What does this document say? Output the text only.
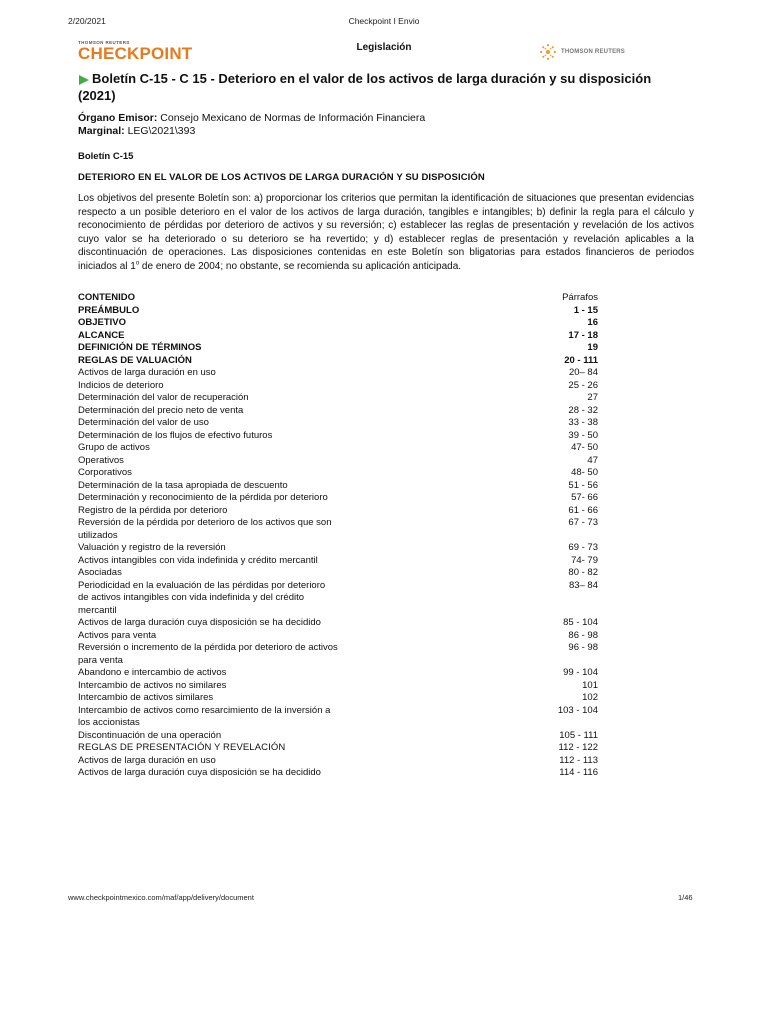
2/20/2021	Checkpoint I Envio
THOMSON REUTERS
CHECKPOINT	Legislación	THOMSON REUTERS
Boletín C-15 - C 15 - Deterioro en el valor de los activos de larga duración y su disposición
(2021)
Órgano Emisor: Consejo Mexicano de Normas de Información Financiera
Marginal: LEG\2021\393
Boletín C-15
DETERIORO EN EL VALOR DE LOS ACTIVOS DE LARGA DURACIÓN Y SU DISPOSICIÓN

Los objetivos del presente Boletín son: a) proporcionar los criterios que permitan la identificación de situaciones que presentan evidencias respecto a un posible deterioro en el valor de los activos de larga duración, tangibles e intangibles; b) definir la regla para el cálculo y reconocimiento de pérdidas por deterioro de activos y su reversión; c) establecer las reglas de presentación y revelación de los activos cuyo valor se ha deteriorado o su deterioro se ha revertido; y d) establecer reglas de presentación y revelación aplicables a la discontinuación de operaciones. Las disposiciones contenidas en este Boletín son bligatorias para estados financieros de periodos iniciados al 1$^o$ de enero de 2004; no obstante, se recomienda su aplicación anticipada.

CONTENIDO	Párrafos
PREÁMBULO	1 - 15
OBJETIVO	16
ALCANCE	17 - 18
DEFINICIÓN DE TÉRMINOS	19
REGLAS DE VALUACIÓN	20 - 111
Activos de larga duración en uso	20– 84
Indicios de deterioro	25 - 26
Determinación del valor de recuperación	27
Determinación del precio neto de venta	28 - 32
Determinación del valor de uso	33 - 38
Determinación de los flujos de efectivo futuros	39 - 50
Grupo de activos	47- 50
Operativos	47
Corporativos	48- 50
Determinación de la tasa apropiada de descuento	51 - 56
Determinación y reconocimiento de la pérdida por deterioro	57- 66
Registro de la pérdida por deterioro	61 - 66
Reversión de la pérdida por deterioro de los activos que son utilizados
67 - 73
Valuación y registro de la reversión	69 - 73
Activos intangibles con vida indefinida y crédito mercantil	74- 79
Asociadas	80 - 82
Periodicidad en la evaluación de las pérdidas por deterioro de activos intangibles con vida indefinida y del crédito mercantil
83– 84
Activos de larga duración cuya disposición se ha decidido	85 - 104
Activos para venta	86 - 98
Reversión o incremento de la pérdida por deterioro de activos para venta
96 - 98
Abandono e intercambio de activos	99 - 104
Intercambio de activos no similares	101
Intercambio de activos similares	102
Intercambio de activos como resarcimiento de la inversión a los accionistas
103 - 104
Discontinuación de una operación	105 - 111
REGLAS DE PRESENTACIÓN Y REVELACIÓN	112 - 122
Activos de larga duración en uso	112 - 113
Activos de larga duración cuya disposición se ha decidido	114 - 116
www.checkpointmexico.com/maf/app/delivery/document	1/46
